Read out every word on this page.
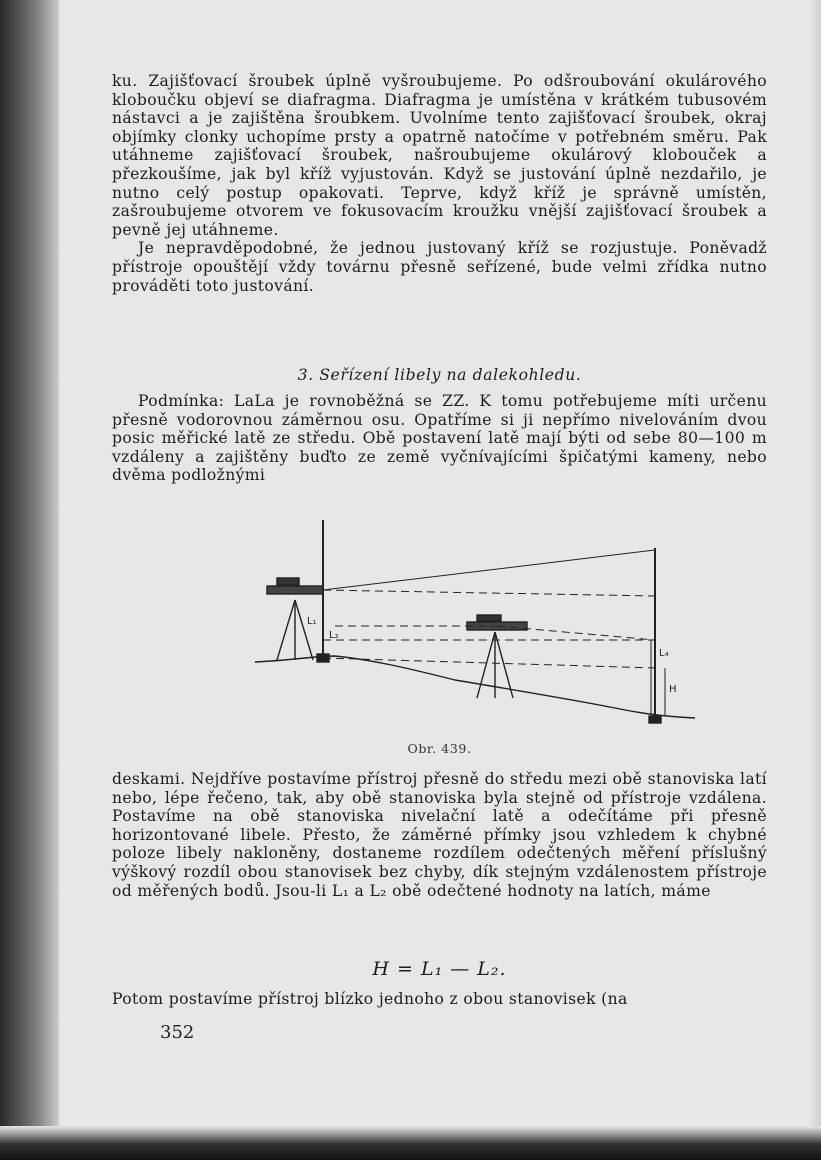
ku. Zajišťovací šroubek úplně vyšroubujeme. Po odšroubování okulárového kloboučku objeví se diafragma. Diafragma je umístěna v krátkém tubusovém nástavci a je zajištěna šroubkem. Uvolníme tento zajišťovací šroubek, okraj objímky clonky uchopíme prsty a opatrně natočíme v potřebném směru. Pak utáhneme zajišťovací šroubek, našroubujeme okulárový klobouček a přezkoušíme, jak byl kříž vyjustován. Když se justování úplně nezdařilo, je nutno celý postup opakovati. Teprve, když kříž je správně umístěn, zašroubujeme otvorem ve fokusovacím kroužku vnější zajišťovací šroubek a pevně jej utáhneme.

Je nepravděpodobné, že jednou justovaný kříž se rozjustuje. Poněvadž přístroje opouštějí vždy továrnu přesně seřízené, bude velmi zřídka nutno prováděti toto justování.

3. Seřízení libely na dalekohledu.
Podmínka: LaLa je rovnoběžná se ZZ. K tomu potřebujeme míti určenu přesně vodorovnou záměrnou osu. Opatříme si ji nepřímo nivelováním dvou posic měřické latě ze středu. Obě postavení latě mají býti od sebe 80—100 m vzdáleny a zajištěny buďto ze země vyčnívajícími špičatými kameny, nebo dvěma podložnými
L₁
L₂
L₄
H
Obr. 439.
deskami. Nejdříve postavíme přístroj přesně do středu mezi obě stanoviska latí nebo, lépe řečeno, tak, aby obě stanoviska byla stejně od přístroje vzdálena. Postavíme na obě stanoviska nivelační latě a odečítáme při přesně horizontované libele. Přesto, že záměrné přímky jsou vzhledem k chybné poloze libely nakloněny, dostaneme rozdílem odečtených měření příslušný výškový rozdíl obou stanovisek bez chyby, dík stejným vzdálenostem přístroje od měřených bodů. Jsou-li L₁ a L₂ obě odečtené hodnoty na latích, máme
H = L₁ — L₂.
Potom postavíme přístroj blízko jednoho z obou stanovisek (na
352
